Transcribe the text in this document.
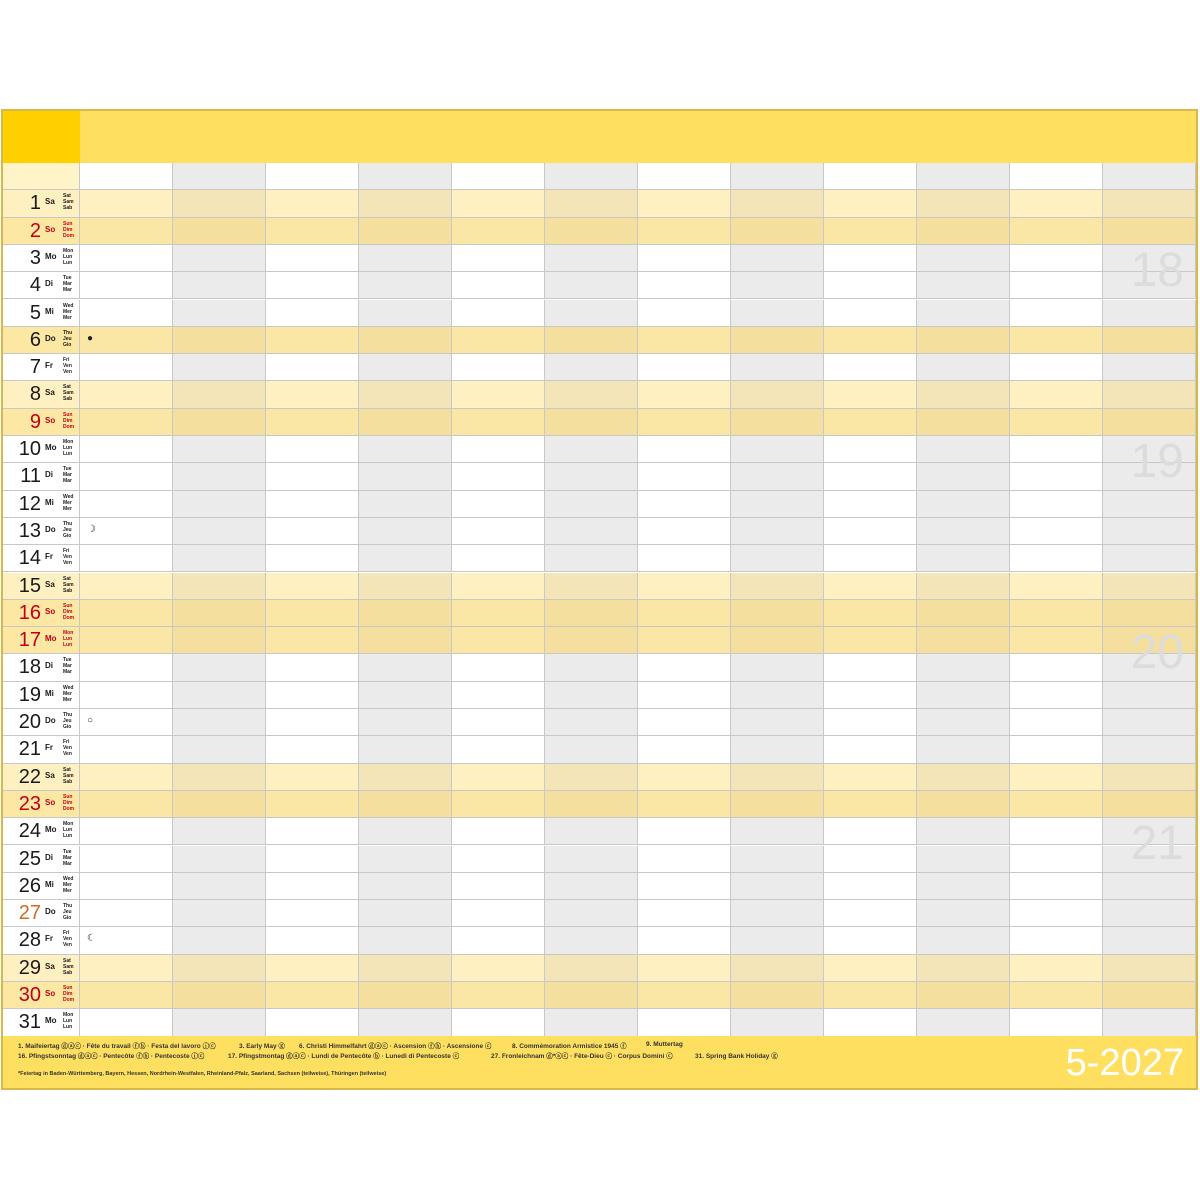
1 Sa
Sat
Sam
Sab
2 So
Sun
Dim
Dom
3 Mo
Mon
Lun
Lun
4 Di
Tue
Mar
Mar
5 Mi
Wed
Mer
Mer
6 Do
Thu
Jeu
Gio
●
7 Fr
Fri
Ven
Ven
8 Sa
Sat
Sam
Sab
9 So
Sun
Dim
Dom
10 Mo
Mon
Lun
Lun
11 Di
Tue
Mar
Mar
12 Mi
Wed
Mer
Mer
13 Do
Thu
Jeu
Gio
☽
14 Fr
Fri
Ven
Ven
15 Sa
Sat
Sam
Sab
16 So
Sun
Dim
Dom
17 Mo
Mon
Lun
Lun
18 Di
Tue
Mar
Mar
19 Mi
Wed
Mer
Mer
20 Do
Thu
Jeu
Gio
○
21 Fr
Fri
Ven
Ven
22 Sa
Sat
Sam
Sab
23 So
Sun
Dim
Dom
24 Mo
Mon
Lun
Lun
25 Di
Tue
Mar
Mar
26 Mi
Wed
Mer
Mer
27 Do
Thu
Jeu
Gio
28 Fr
Fri
Ven
Ven
☾
29 Sa
Sat
Sam
Sab
30 So
Sun
Dim
Dom
31 Mo
Mon
Lun
Lun
18
19
20
21
1. Maifeiertag ⓓⓐⓒ · Fête du travail ⓕⓑ · Festa del lavoro ⓘⓒ	3. Early May ⓖ 6. Christi Himmelfahrt ⓓⓐⓒ · Ascension ⓕⓑ · Ascensione ⓒ	8. Commémoration Armistice 1945 ⓕ	9. Muttertag
16. Pfingstsonntag ⓓⓐⓒ · Pentecôte ⓕⓑ · Pentecoste ⓘⓒ	17. Pfingstmontag ⓓⓐⓒ · Lundi de Pentecôte ⓑ · Lunedì di Pentecoste ⓒ	27. Fronleichnam ⓓ*ⓐⓒ · Fête-Dieu ⓒ · Corpus Domini ⓒ	31. Spring Bank Holiday ⓖ
*Feiertag in Baden-Württemberg, Bayern, Hessen, Nordrhein-Westfalen, Rheinland-Pfalz, Saarland, Sachsen (teilweise), Thüringen (teilweise)	5-2027
